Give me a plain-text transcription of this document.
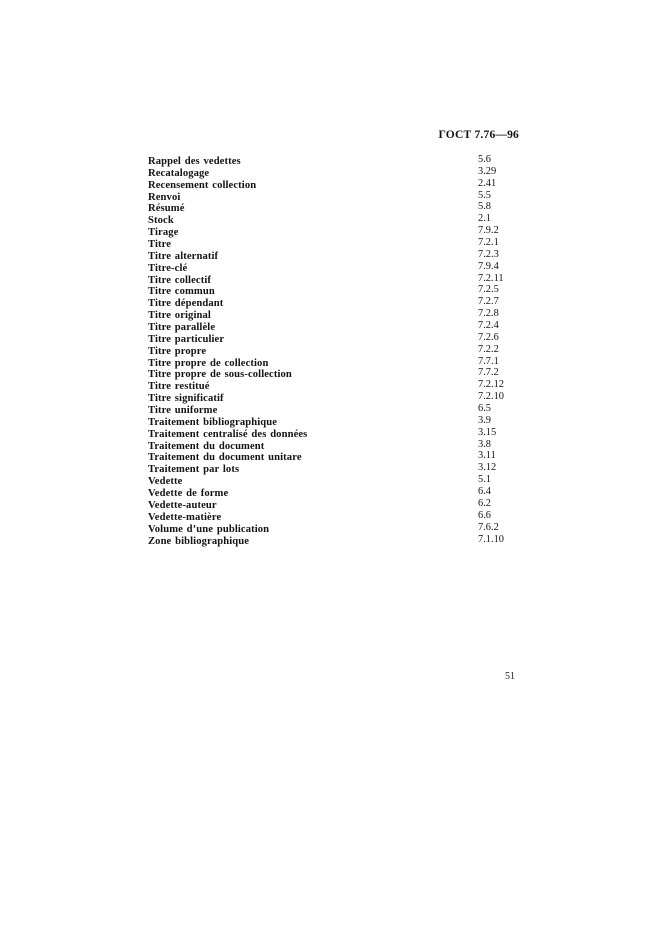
ГОСТ 7.76—96
Rappel des vedettes	5.6
Recatalogage	3.29
Recensement collection	2.41
Renvoi	5.5
Résumé	5.8
Stock	2.1
Tirage	7.9.2
Titre	7.2.1
Titre alternatif	7.2.3
Titre-clé	7.9.4
Titre collectif	7.2.11
Titre commun	7.2.5
Titre dépendant	7.2.7
Titre original	7.2.8
Titre parallèle	7.2.4
Titre particulier	7.2.6
Titre propre	7.2.2
Titre propre de collection	7.7.1
Titre propre de sous-collection	7.7.2
Titre restitué	7.2.12
Titre significatif	7.2.10
Titre uniforme	6.5
Traitement bibliographique	3.9
Traitement centralisé des données	3.15
Traitement du document	3.8
Traitement du document unitare	3.11
Traitement par lots	3.12
Vedette	5.1
Vedette de forme	6.4
Vedette-auteur	6.2
Vedette-matière	6.6
Volume d’une publication	7.6.2
Zone bibliographique	7.1.10
51
